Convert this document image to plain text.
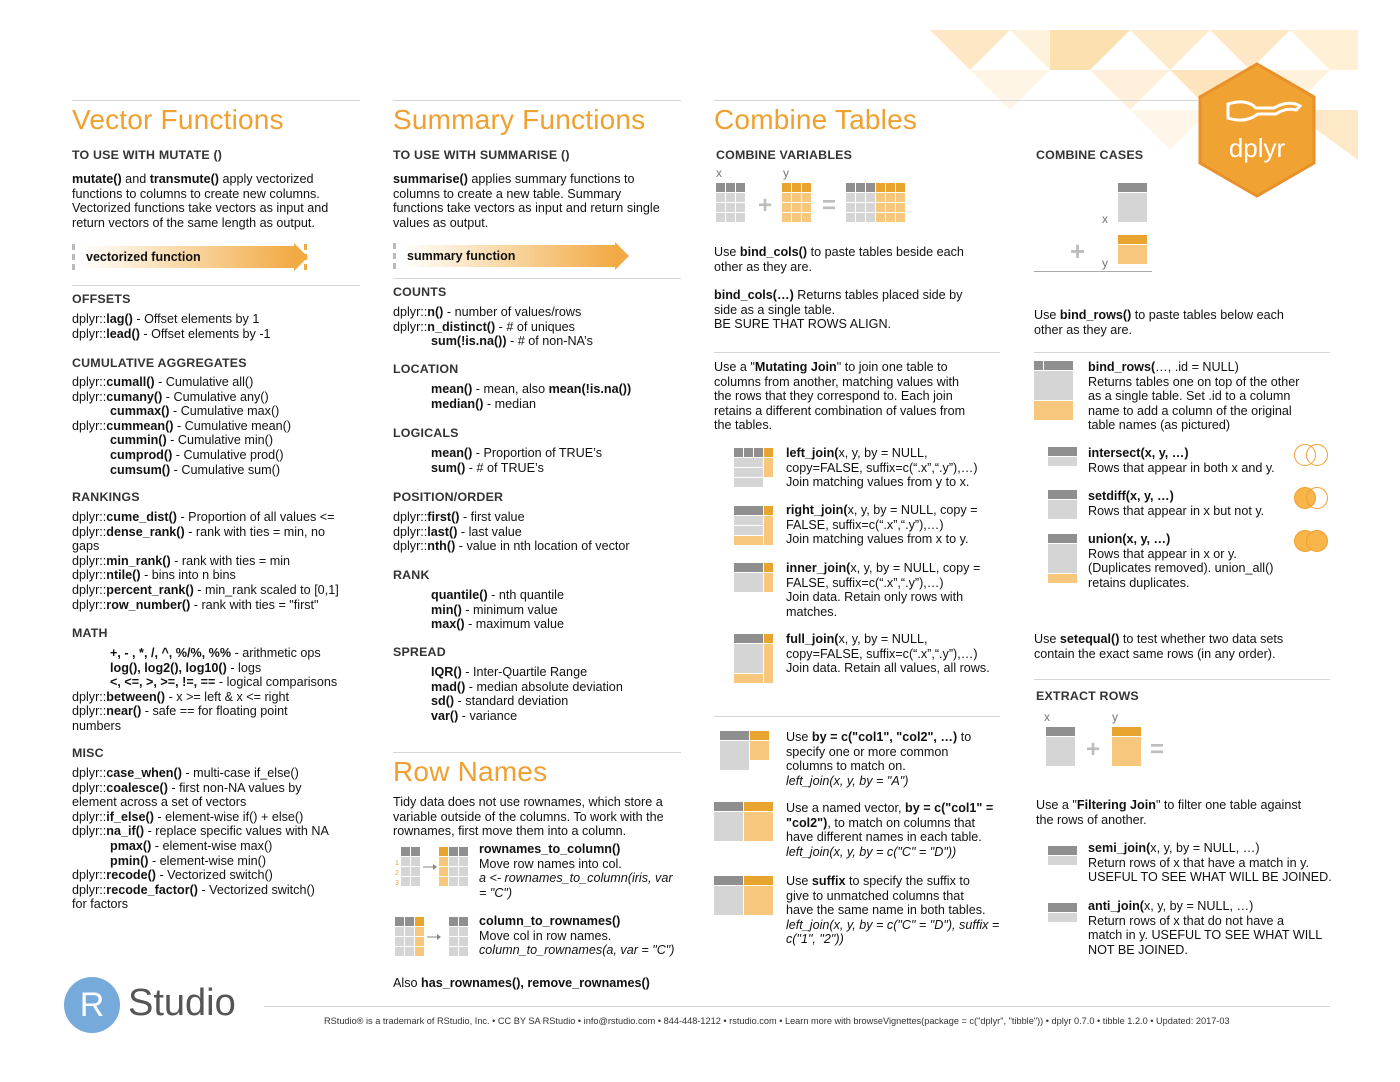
dplyr
Vector Functions
TO USE WITH MUTATE ()
mutate() and transmute() apply vectorized
functions to columns to create new columns.
Vectorized functions take vectors as input and
return vectors of the same length as output.
vectorized function
OFFSETS
dplyr::lag() - Offset elements by 1
dplyr::lead() - Offset elements by -1
CUMULATIVE AGGREGATES
dplyr::cumall() - Cumulative all()
dplyr::cumany() - Cumulative any()
cummax() - Cumulative max()
dplyr::cummean() - Cumulative mean()
cummin() - Cumulative min()
cumprod() - Cumulative prod()
cumsum() - Cumulative sum()
RANKINGS
dplyr::cume_dist() - Proportion of all values <=
dplyr::dense_rank() - rank with ties = min, no
gaps
dplyr::min_rank() - rank with ties = min
dplyr::ntile() - bins into n bins
dplyr::percent_rank() - min_rank scaled to [0,1]
dplyr::row_number() - rank with ties = "first"
MATH
+, - , *, /, ^, %/%, %% - arithmetic ops
log(), log2(), log10() - logs
<, <=, >, >=, !=, == - logical comparisons
dplyr::between() - x >= left & x <= right
dplyr::near() - safe == for floating point
numbers
MISC
dplyr::case_when() - multi-case if_else()
dplyr::coalesce() - first non-NA values by
element across a set of vectors
dplyr::if_else() - element-wise if() + else()
dplyr::na_if() - replace specific values with NA
pmax() - element-wise max()
pmin() - element-wise min()
dplyr::recode() - Vectorized switch()
dplyr::recode_factor() - Vectorized switch()
for factors
Summary Functions
TO USE WITH SUMMARISE ()
summarise() applies summary functions to
columns to create a new table. Summary
functions take vectors as input and return single
values as output.
summary function
COUNTS
dplyr::n() - number of values/rows
dplyr::n_distinct() - # of uniques
sum(!is.na()) - # of non-NA’s
LOCATION
mean() - mean, also mean(!is.na())
median() - median
LOGICALS
mean() - Proportion of TRUE’s
sum() - # of TRUE’s
POSITION/ORDER
dplyr::first() - first value
dplyr::last() - last value
dplyr::nth() - value in nth location of vector
RANK
quantile() - nth quantile
min() - minimum value
max() - maximum value
SPREAD
IQR() - Inter-Quartile Range
mad() - median absolute deviation
sd() - standard deviation
var() - variance
Row Names
Tidy data does not use rownames, which store a
variable outside of the columns. To work with the
rownames, first move them into a column.
1
2
3
rownames_to_column()
Move row names into col.
a <- rownames_to_column(iris, var
= "C")
column_to_rownames()
Move col in row names.
column_to_rownames(a, var = "C")
Also has_rownames(), remove_rownames()
Combine Tables
COMBINE VARIABLES	COMBINE CASES
x	y
+ =
Use bind_cols() to paste tables beside each
other as they are.
bind_cols(…) Returns tables placed side by
side as a single table.
BE SURE THAT ROWS ALIGN.
Use a "Mutating Join" to join one table to
columns from another, matching values with
the rows that they correspond to. Each join
retains a different combination of values from
the tables.
left_join(x, y, by = NULL,
copy=FALSE, suffix=c(“.x”,“.y”),…)
Join matching values from y to x.
right_join(x, y, by = NULL, copy =
FALSE, suffix=c(“.x”,“.y”),…)
Join matching values from x to y.
inner_join(x, y, by = NULL, copy =
FALSE, suffix=c(“.x”,“.y”),…)
Join data. Retain only rows with
matches.
full_join(x, y, by = NULL,
copy=FALSE, suffix=c(“.x”,“.y”),…)
Join data. Retain all values, all rows.
Use by = c("col1", "col2", …) to
specify one or more common
columns to match on.
left_join(x, y, by = "A")
Use a named vector, by = c("col1" =
"col2"), to match on columns that
have different names in each table.
left_join(x, y, by = c("C" = "D"))
Use suffix to specify the suffix to
give to unmatched columns that
have the same name in both tables.
left_join(x, y, by = c("C" = "D"), suffix =
c("1", "2"))
x
+ y
Use bind_rows() to paste tables below each
other as they are.
bind_rows(…, .id = NULL)
Returns tables one on top of the other
as a single table. Set .id to a column
name to add a column of the original
table names (as pictured)
intersect(x, y, …)
Rows that appear in both x and y.
setdiff(x, y, …)
Rows that appear in x but not y.
union(x, y, …)
Rows that appear in x or y.
(Duplicates removed). union_all()
retains duplicates.
Use setequal() to test whether two data sets
contain the exact same rows (in any order).
EXTRACT ROWS
x	y
+ =
Use a "Filtering Join" to filter one table against
the rows of another.
semi_join(x, y, by = NULL, …)
Return rows of x that have a match in y.
USEFUL TO SEE WHAT WILL BE JOINED.
anti_join(x, y, by = NULL, …)
Return rows of x that do not have a
match in y. USEFUL TO SEE WHAT WILL
NOT BE JOINED.
R Studio	RStudio® is a trademark of RStudio, Inc. • CC BY SA RStudio • info@rstudio.com • 844-448-1212 • rstudio.com • Learn more with browseVignettes(package = c("dplyr", "tibble")) • dplyr 0.7.0 • tibble 1.2.0 • Updated: 2017-03
